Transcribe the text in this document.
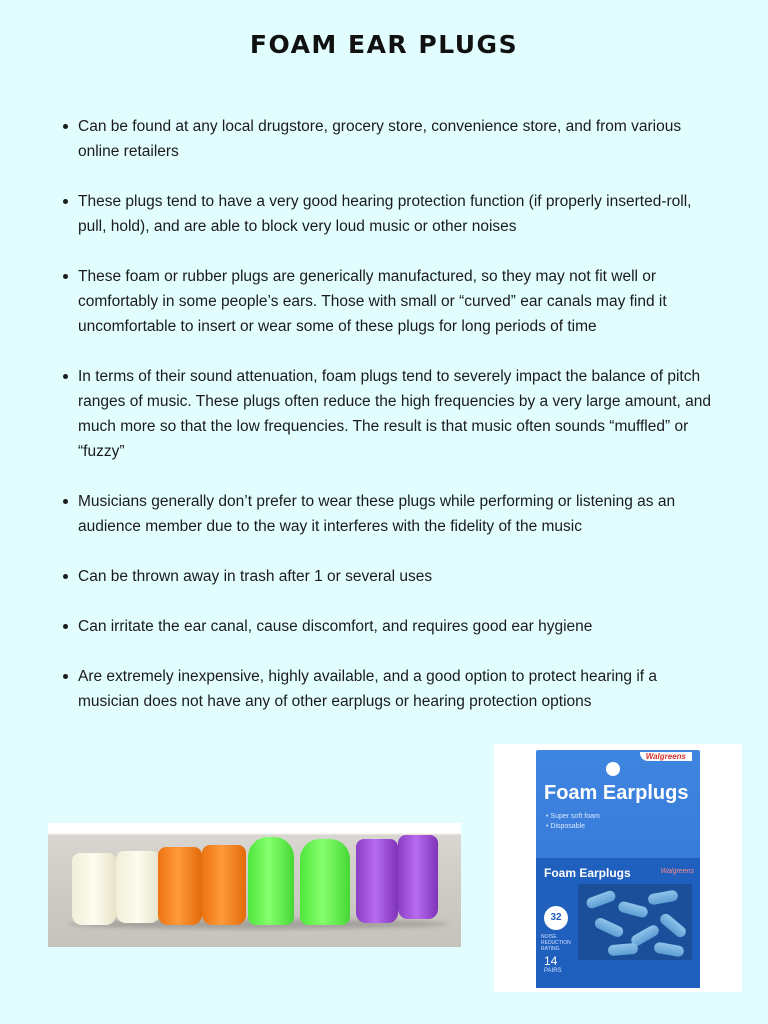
FOAM EAR PLUGS
Can be found at any local drugstore, grocery store, convenience store, and from various online retailers
These plugs tend to have a very good hearing protection function (if properly inserted-roll, pull, hold), and are able to block very loud music or other noises
These foam or rubber plugs are generically manufactured, so they may not fit well or comfortably in some people’s ears. Those with small or “curved” ear canals may find it uncomfortable to insert or wear some of these plugs for long periods of time
In terms of their sound attenuation, foam plugs tend to severely impact the balance of pitch ranges of music. These plugs often reduce the high frequencies by a very large amount, and much more so that the low frequencies. The result is that music often sounds “muffled” or “fuzzy”
Musicians generally don’t prefer to wear these plugs while performing or listening as an audience member due to the way it interferes with the fidelity of the music
Can be thrown away in trash after 1 or several uses
Can irritate the ear canal, cause discomfort, and requires good ear hygiene
Are extremely inexpensive, highly available, and a good option to protect hearing if a musician does not have any of other earplugs or hearing protection options
Walgreens
Foam Earplugs
• Super soft foam
• Disposable
Foam Earplugs	Walgreens
32
NOISE REDUCTION RATING
14
PAIRS
